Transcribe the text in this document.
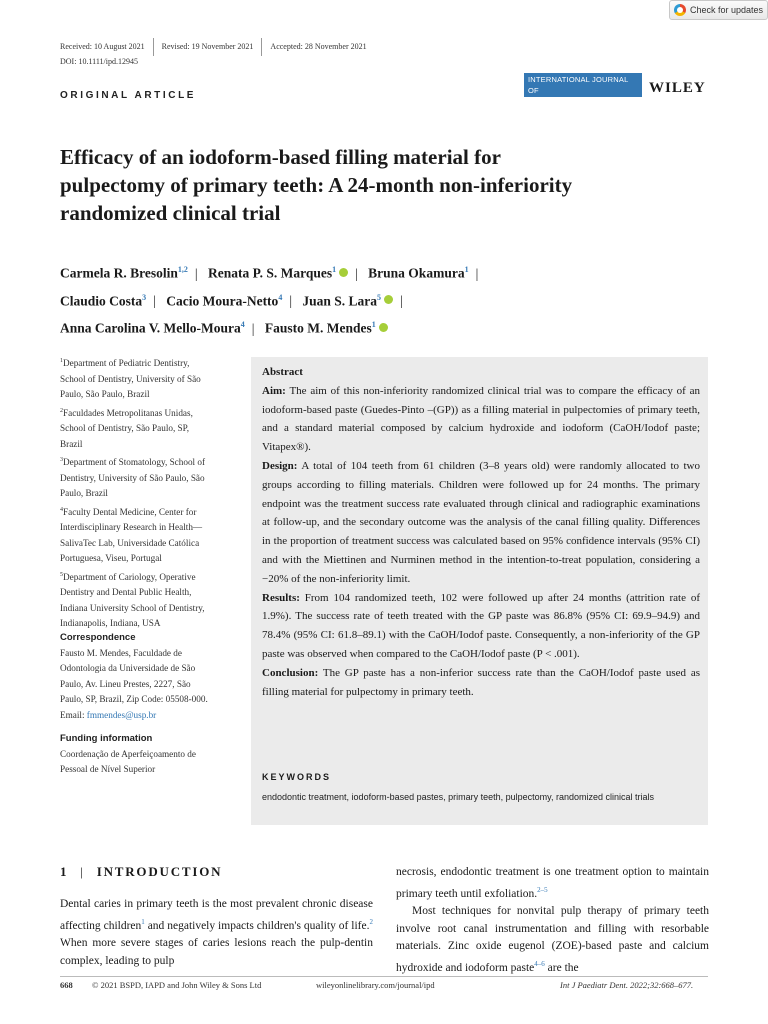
Check for updates
Received: 10 August 2021 Revised: 19 November 2021 Accepted: 28 November 2021
DOI: 10.1111/ipd.12945
INTERNATIONAL JOURNAL OF
PAEDIATRIC DENTISTRY
WILEY
ORIGINAL ARTICLE
Efficacy of an iodoform-based filling material for
pulpectomy of primary teeth: A 24-month non-inferiority
randomized clinical trial
Carmela R. Bresolin$^{1,2}$ | Renata P. S. Marques$^1$ | Bruna Okamura$^1$ |
Claudio Costa$^3$ | Cacio Moura-Netto$^4$ | Juan S. Lara$^5$ |
Anna Carolina V. Mello-Moura$^4$ | Fausto M. Mendes$^1$
$^1$Department of Pediatric Dentistry,
School of Dentistry, University of São
Paulo, São Paulo, Brazil
$^2$Faculdades Metropolitanas Unidas,
School of Dentistry, São Paulo, SP,
Brazil
$^3$Department of Stomatology, School of
Dentistry, University of São Paulo, São
Paulo, Brazil
$^4$Faculty Dental Medicine, Center for
Interdisciplinary Research in Health—
SalivaTec Lab, Universidade Católica
Portuguesa, Viseu, Portugal
$^5$Department of Cariology, Operative
Dentistry and Dental Public Health,
Indiana University School of Dentistry,
Indianapolis, Indiana, USA
Correspondence
Fausto M. Mendes, Faculdade de
Odontologia da Universidade de São
Paulo, Av. Lineu Prestes, 2227, São
Paulo, SP, Brazil, Zip Code: 05508-000.
Email: fmmendes@usp.br
Funding information
Coordenação de Aperfeiçoamento de
Pessoal de Nível Superior
Abstract
Aim: The aim of this non-inferiority randomized clinical trial was to compare the efficacy of an iodoform-based paste (Guedes-Pinto –(GP)) as a filling material in pulpectomies of primary teeth, and a standard material composed by calcium hydroxide and iodoform (CaOH/Iodof paste; Vitapex®).
Design: A total of 104 teeth from 61 children (3–8 years old) were randomly allocated to two groups according to filling materials. Children were followed up for 24 months. The primary endpoint was the treatment success rate evaluated through clinical and radiographic examinations at follow-up, and the secondary outcome was the analysis of the canal filling quality. Differences in the proportion of treatment success was calculated based on 95% confidence intervals (95% CI) and with the Miettinen and Nurminen method in the intention-to-treat population, considering a −20% of the non-inferiority limit.
Results: From 104 randomized teeth, 102 were followed up after 24 months (attrition rate of 1.9%). The success rate of teeth treated with the GP paste was 86.8% (95% CI: 69.9–94.9) and 78.4% (95% CI: 61.8–89.1) with the CaOH/Iodof paste. Consequently, a non-inferiority of the GP paste was observed when compared to the CaOH/Iodof paste (P < .001).
Conclusion: The GP paste has a non-inferior success rate than the CaOH/Iodof paste used as filling material for pulpectomy in primary teeth.
KEYWORDS
endodontic treatment, iodoform-based pastes, primary teeth, pulpectomy, randomized clinical trials
1 | INTRODUCTION
Dental caries in primary teeth is the most prevalent chronic disease affecting children$^1$ and negatively impacts children's quality of life.$^2$ When more severe stages of caries lesions reach the pulp-dentin complex, leading to pulp
necrosis, endodontic treatment is one treatment option to maintain primary teeth until exfoliation.$^{2-5}$
Most techniques for nonvital pulp therapy of primary teeth involve root canal instrumentation and filling with resorbable materials. Zinc oxide eugenol (ZOE)-based paste and calcium hydroxide and iodoform paste$^{4-6}$ are the
668 © 2021 BSPD, IAPD and John Wiley & Sons Ltd	wileyonlinelibrary.com/journal/ipd	Int J Paediatr Dent. 2022;32:668–677.
